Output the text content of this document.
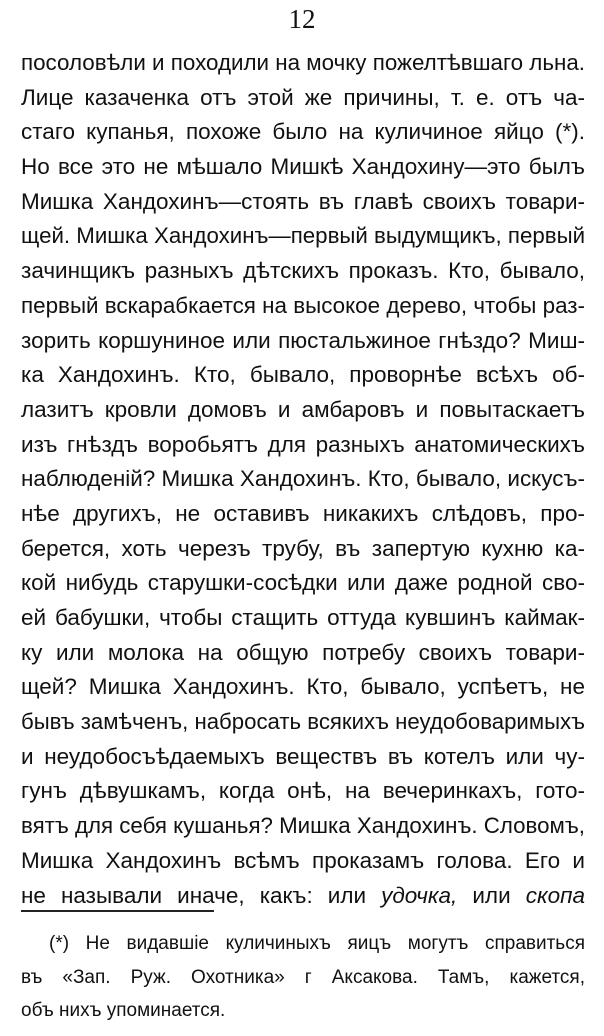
12
посоловѣли и походили на мочку пожелтѣвшаго льна.
Лице казаченка отъ этой же причины, т. е. отъ ча-
стаго купанья, похоже было на куличиное яйцо (*).
Но все это не мѣшало Мишкѣ Хандохину—это былъ
Мишка Хандохинъ—стоять въ главѣ своихъ товари-
щей. Мишка Хандохинъ—первый выдумщикъ, первый
зачинщикъ разныхъ дѣтскихъ проказъ. Кто, бывало,
первый вскарабкается на высокое дерево, чтобы раз-
зорить коршуниное или пюстальжиное гнѣздо? Миш-
ка Хандохинъ. Кто, бывало, проворнѣе всѣхъ об-
лазитъ кровли домовъ и амбаровъ и повытаскаетъ
изъ гнѣздъ воробьятъ для разныхъ анатомическихъ
наблюденій? Мишка Хандохинъ. Кто, бывало, искусъ-
нѣе другихъ, не оставивъ никакихъ слѣдовъ, про-
берется, хоть черезъ трубу, въ запертую кухню ка-
кой нибудь старушки-сосѣдки или даже родной сво-
ей бабушки, чтобы стащить оттуда кувшинъ каймак-
ку или молока на общую потребу своихъ товари-
щей? Мишка Хандохинъ. Кто, бывало, успѣетъ, не
бывъ замѣченъ, набросать всякихъ неудобоваримыхъ
и неудобосъѣдаемыхъ веществъ въ котелъ или чу-
гунъ дѣвушкамъ, когда онѣ, на вечеринкахъ, гото-
вятъ для себя кушанья? Мишка Хандохинъ. Словомъ,
Мишка Хандохинъ всѣмъ проказамъ голова. Его и
не называли иначе, какъ: или удочка, или скопа
(*) Не видавшіе куличиныхъ яицъ могутъ справиться
въ «Зап. Руж. Охотника» г Аксакова. Тамъ, кажется,
объ нихъ упоминается.
